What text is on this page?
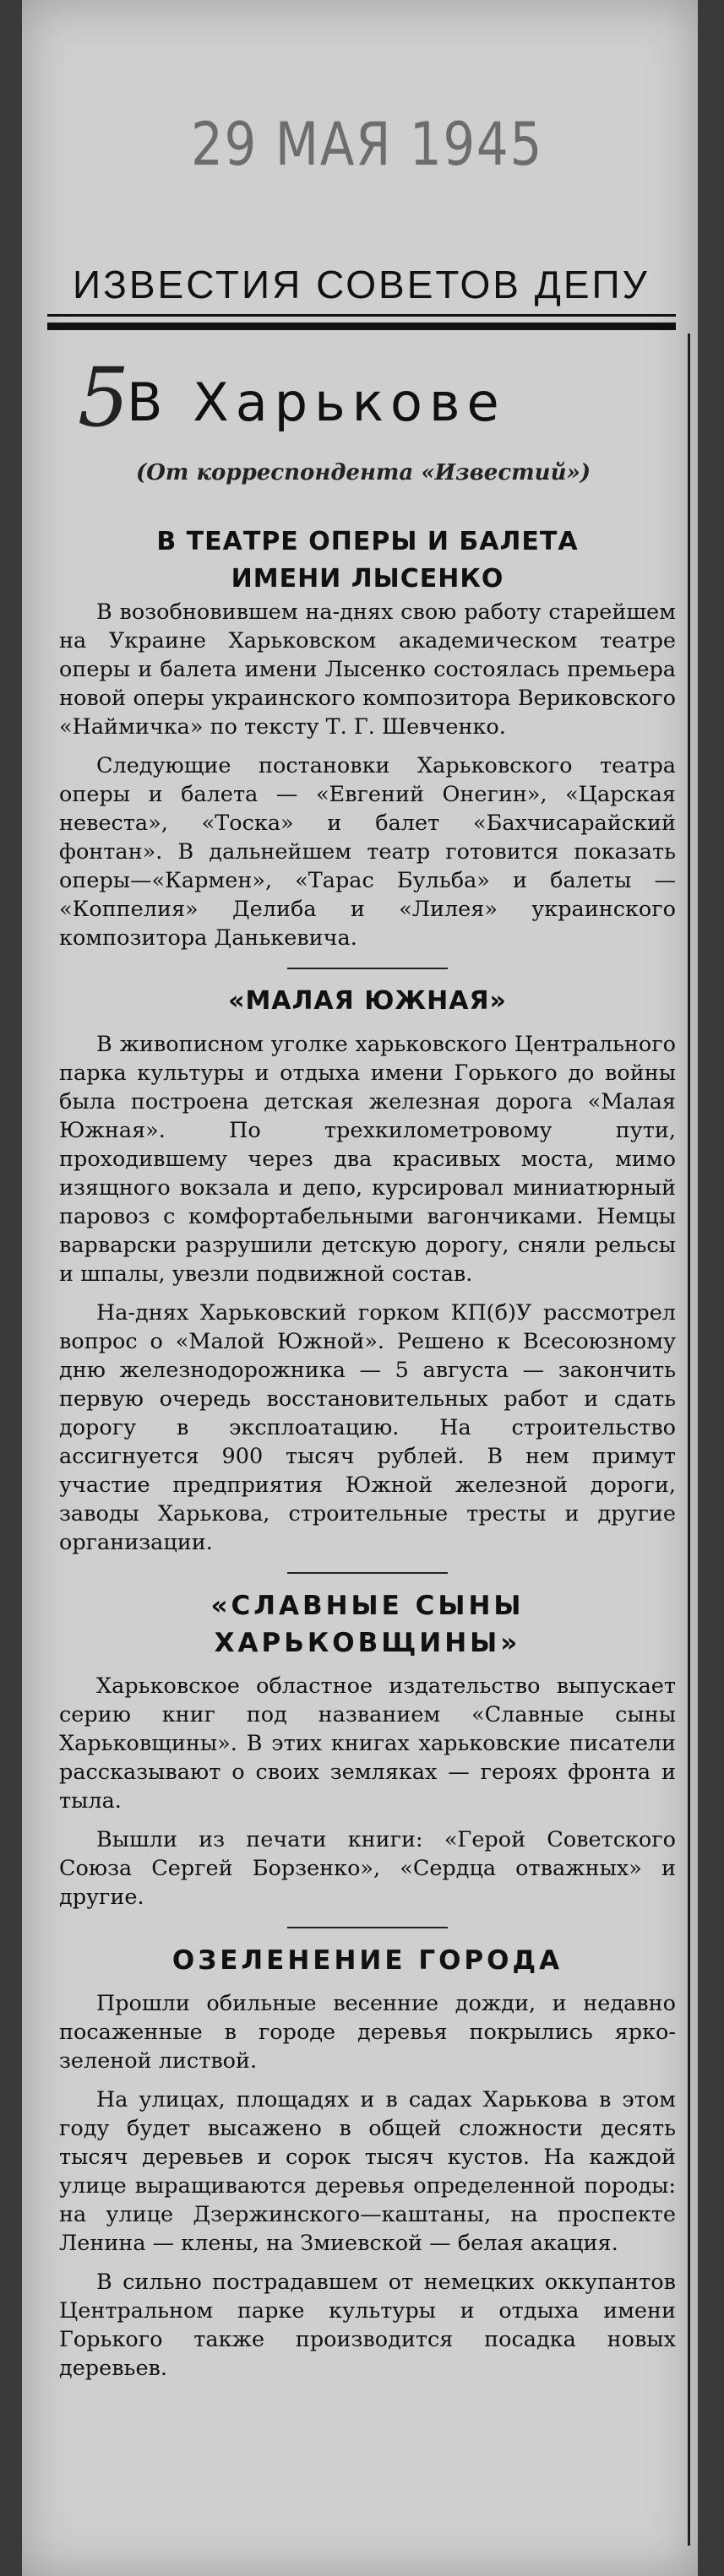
29 МАЯ 1945
ИЗВЕСТИЯ СОВЕТОВ ДЕПУ
5
В Харькове
(От корреспондента «Известий»)
В ТЕАТРЕ ОПЕРЫ И БАЛЕТА
ИМЕНИ ЛЫСЕНКО

В возобновившем на-днях свою работу старейшем на Украине Харьковском академическом театре оперы и балета имени Лысенко состоялась премьера новой оперы украинского композитора Вериковского «Наймичка» по тексту Т. Г. Шевченко.

Следующие постановки Харьковского театра оперы и балета — «Евгений Онегин», «Царская невеста», «Тоска» и балет «Бахчисарайский фонтан». В дальнейшем театр готовится показать оперы—«Кармен», «Тарас Бульба» и балеты — «Коппелия» Делиба и «Лилея» украинского композитора Данькевича.

«МАЛАЯ ЮЖНАЯ»

В живописном уголке харьковского Центрального парка культуры и отдыха имени Горького до войны была построена детская железная дорога «Малая Южная». По трехкилометровому пути, проходившему через два красивых моста, мимо изящного вокзала и депо, курсировал миниатюрный паровоз с комфортабельными вагончиками. Немцы варварски разрушили детскую дорогу, сняли рельсы и шпалы, увезли подвижной состав.

На-днях Харьковский горком КП(б)У рассмотрел вопрос о «Малой Южной». Решено к Всесоюзному дню железнодорожника — 5 августа — закончить первую очередь восстановительных работ и сдать дорогу в эксплоатацию. На строительство ассигнуется 900 тысяч рублей. В нем примут участие предприятия Южной железной дороги, заводы Харькова, строительные тресты и другие организации.

«СЛАВНЫЕ СЫНЫ ХАРЬКОВЩИНЫ»

Харьковское областное издательство выпускает серию книг под названием «Славные сыны Харьковщины». В этих книгах харьковские писатели рассказывают о своих земляках — героях фронта и тыла.

Вышли из печати книги: «Герой Советского Союза Сергей Борзенко», «Сердца отважных» и другие.

ОЗЕЛЕНЕНИЕ ГОРОДА

Прошли обильные весенние дожди, и недавно посаженные в городе деревья покрылись ярко-зеленой листвой.

На улицах, площадях и в садах Харькова в этом году будет высажено в общей сложности десять тысяч деревьев и сорок тысяч кустов. На каждой улице выращиваются деревья определенной породы: на улице Дзержинского—каштаны, на проспекте Ленина — клены, на Змиевской — белая акация.

В сильно пострадавшем от немецких оккупантов Центральном парке культуры и отдыха имени Горького также производится посадка новых деревьев.
